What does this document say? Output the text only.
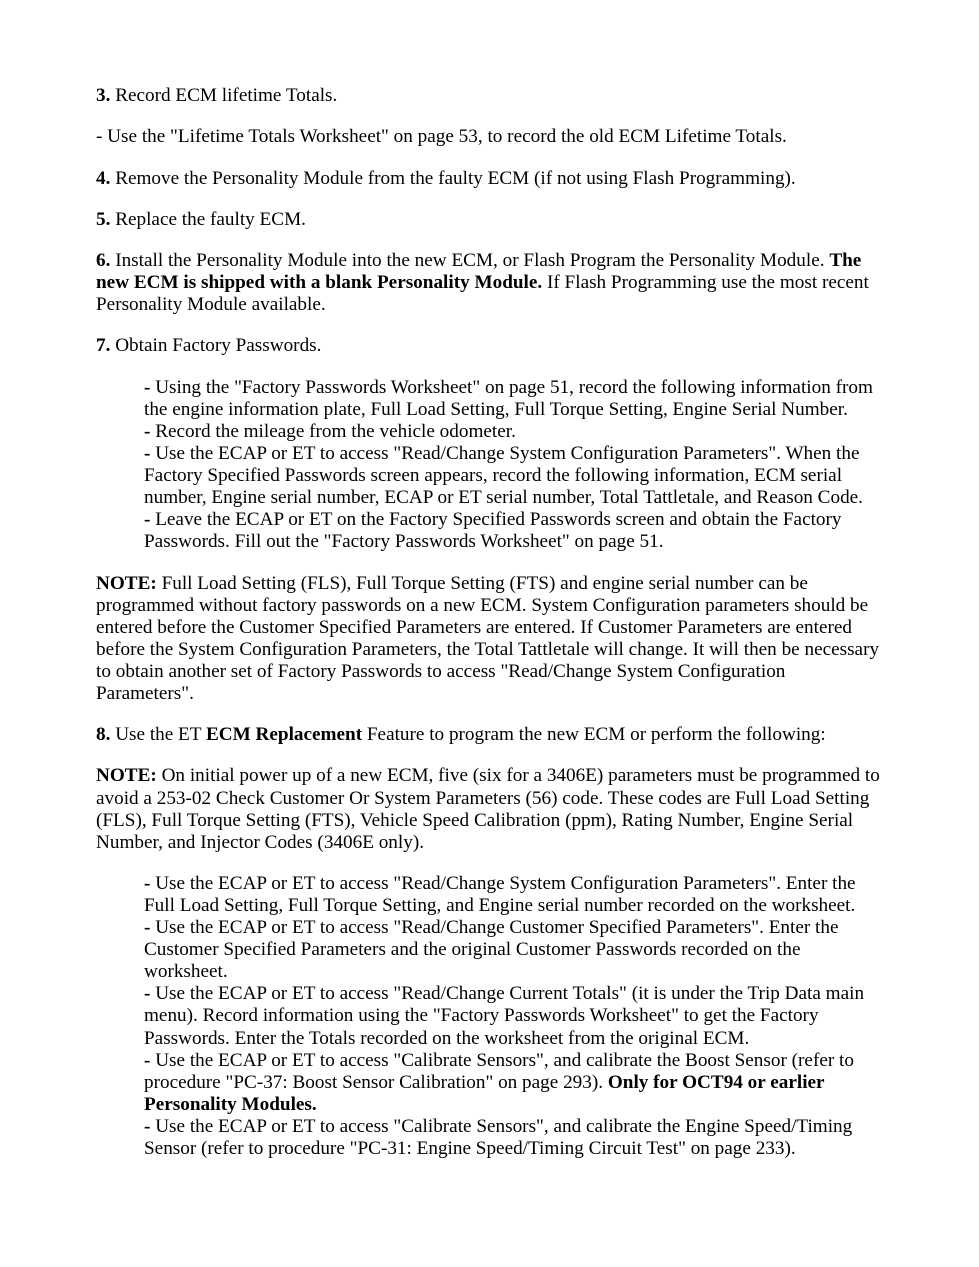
3. Record ECM lifetime Totals.
- Use the "Lifetime Totals Worksheet" on page 53, to record the old ECM Lifetime Totals.
4. Remove the Personality Module from the faulty ECM (if not using Flash Programming).
5. Replace the faulty ECM.
6. Install the Personality Module into the new ECM, or Flash Program the Personality Module. The
new ECM is shipped with a blank Personality Module. If Flash Programming use the most recent
Personality Module available.
7. Obtain Factory Passwords.
- Using the "Factory Passwords Worksheet" on page 51, record the following information from
the engine information plate, Full Load Setting, Full Torque Setting, Engine Serial Number.
- Record the mileage from the vehicle odometer.
- Use the ECAP or ET to access "Read/Change System Configuration Parameters". When the
Factory Specified Passwords screen appears, record the following information, ECM serial
number, Engine serial number, ECAP or ET serial number, Total Tattletale, and Reason Code.
- Leave the ECAP or ET on the Factory Specified Passwords screen and obtain the Factory
Passwords. Fill out the "Factory Passwords Worksheet" on page 51.
NOTE: Full Load Setting (FLS), Full Torque Setting (FTS) and engine serial number can be
programmed without factory passwords on a new ECM. System Configuration parameters should be
entered before the Customer Specified Parameters are entered. If Customer Parameters are entered
before the System Configuration Parameters, the Total Tattletale will change. It will then be necessary
to obtain another set of Factory Passwords to access "Read/Change System Configuration
Parameters".
8. Use the ET ECM Replacement Feature to program the new ECM or perform the following:
NOTE: On initial power up of a new ECM, five (six for a 3406E) parameters must be programmed to
avoid a 253-02 Check Customer Or System Parameters (56) code. These codes are Full Load Setting
(FLS), Full Torque Setting (FTS), Vehicle Speed Calibration (ppm), Rating Number, Engine Serial
Number, and Injector Codes (3406E only).
- Use the ECAP or ET to access "Read/Change System Configuration Parameters". Enter the
Full Load Setting, Full Torque Setting, and Engine serial number recorded on the worksheet.
- Use the ECAP or ET to access "Read/Change Customer Specified Parameters". Enter the
Customer Specified Parameters and the original Customer Passwords recorded on the
worksheet.
- Use the ECAP or ET to access "Read/Change Current Totals" (it is under the Trip Data main
menu). Record information using the "Factory Passwords Worksheet" to get the Factory
Passwords. Enter the Totals recorded on the worksheet from the original ECM.
- Use the ECAP or ET to access "Calibrate Sensors", and calibrate the Boost Sensor (refer to
procedure "PC-37: Boost Sensor Calibration" on page 293). Only for OCT94 or earlier
Personality Modules.
- Use the ECAP or ET to access "Calibrate Sensors", and calibrate the Engine Speed/Timing
Sensor (refer to procedure "PC-31: Engine Speed/Timing Circuit Test" on page 233).
